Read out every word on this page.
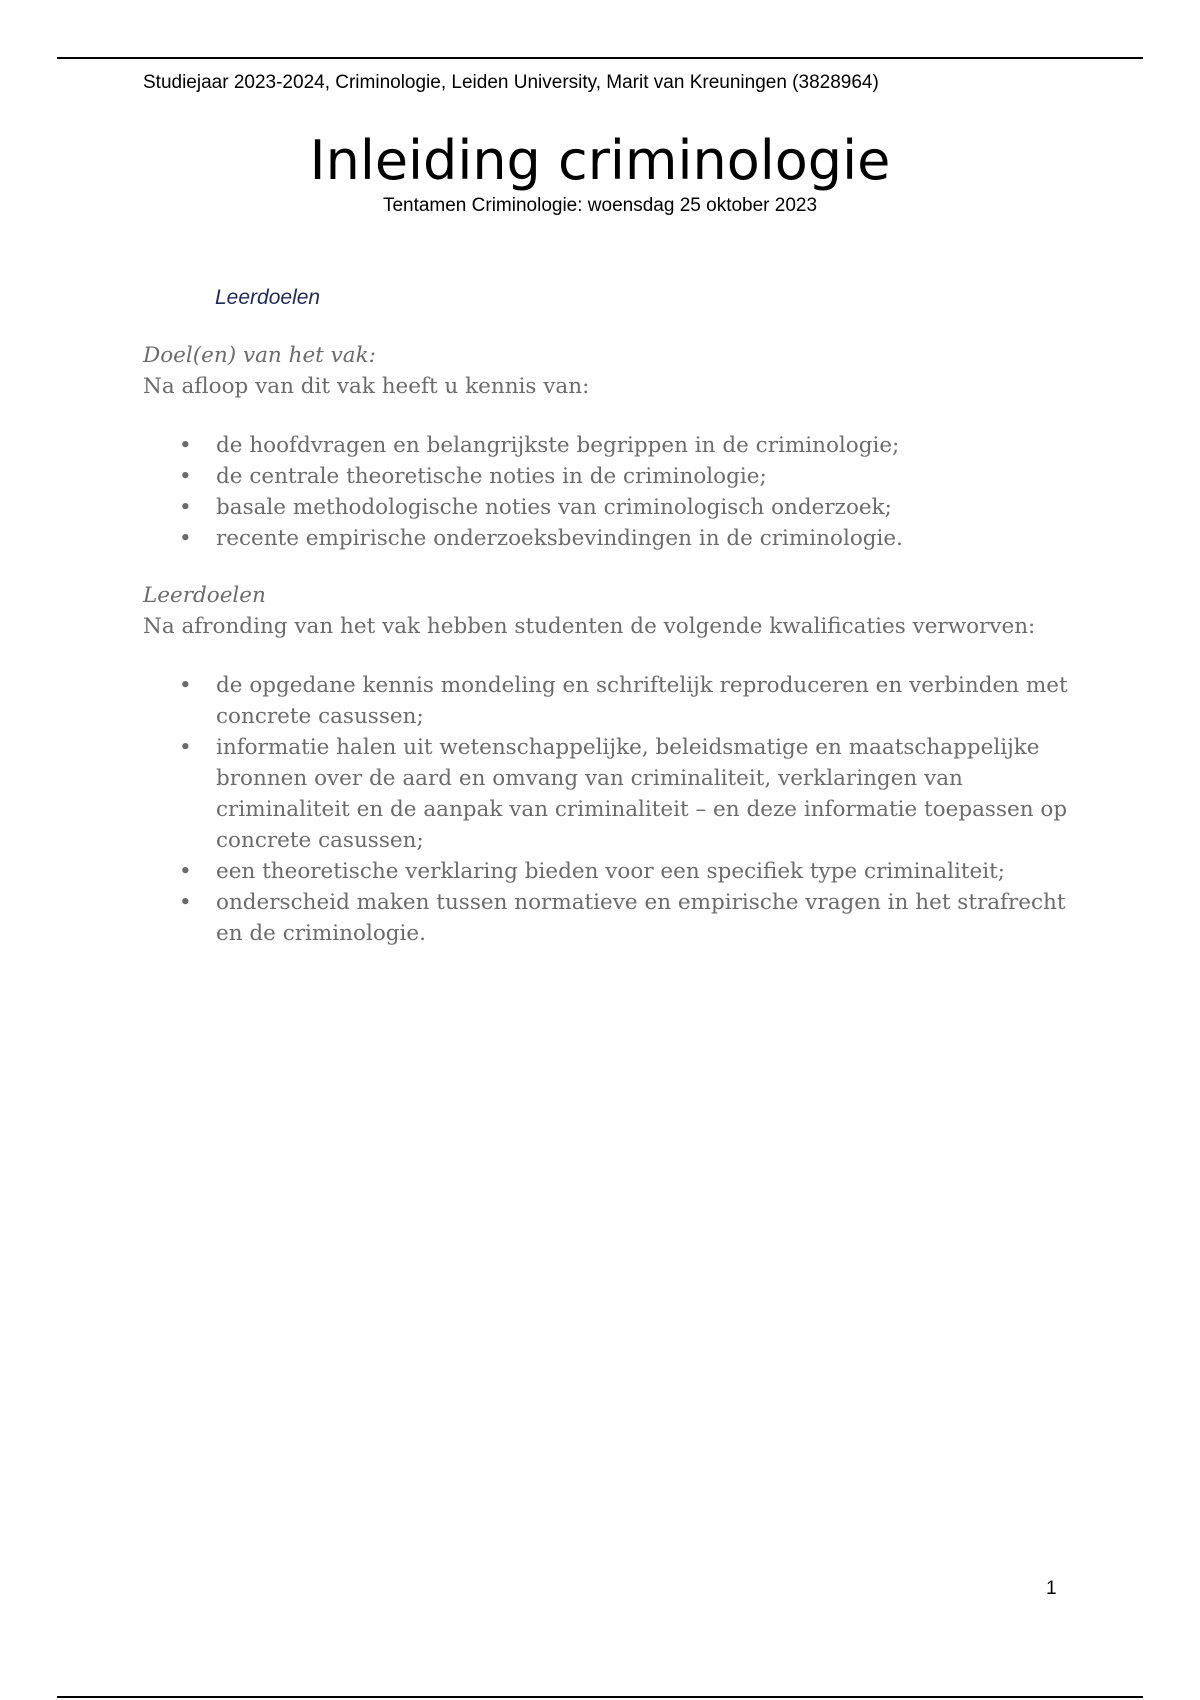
Studiejaar 2023-2024, Criminologie, Leiden University, Marit van Kreuningen (3828964)
Inleiding criminologie
Tentamen Criminologie: woensdag 25 oktober 2023
Leerdoelen

Doel(en) van het vak:

Na afloop van dit vak heeft u kennis van:

• de hoofdvragen en belangrijkste begrippen in de criminologie;
• de centrale theoretische noties in de criminologie;
• basale methodologische noties van criminologisch onderzoek;
• recente empirische onderzoeksbevindingen in de criminologie.

Leerdoelen

Na afronding van het vak hebben studenten de volgende kwalificaties verworven:

• de opgedane kennis mondeling en schriftelijk reproduceren en verbinden met concrete casussen;
• informatie halen uit wetenschappelijke, beleidsmatige en maatschappelijke bronnen over de aard en omvang van criminaliteit, verklaringen van criminaliteit en de aanpak van criminaliteit – en deze informatie toepassen op concrete casussen;
• een theoretische verklaring bieden voor een specifiek type criminaliteit;
• onderscheid maken tussen normatieve en empirische vragen in het strafrecht en de criminologie.
1
